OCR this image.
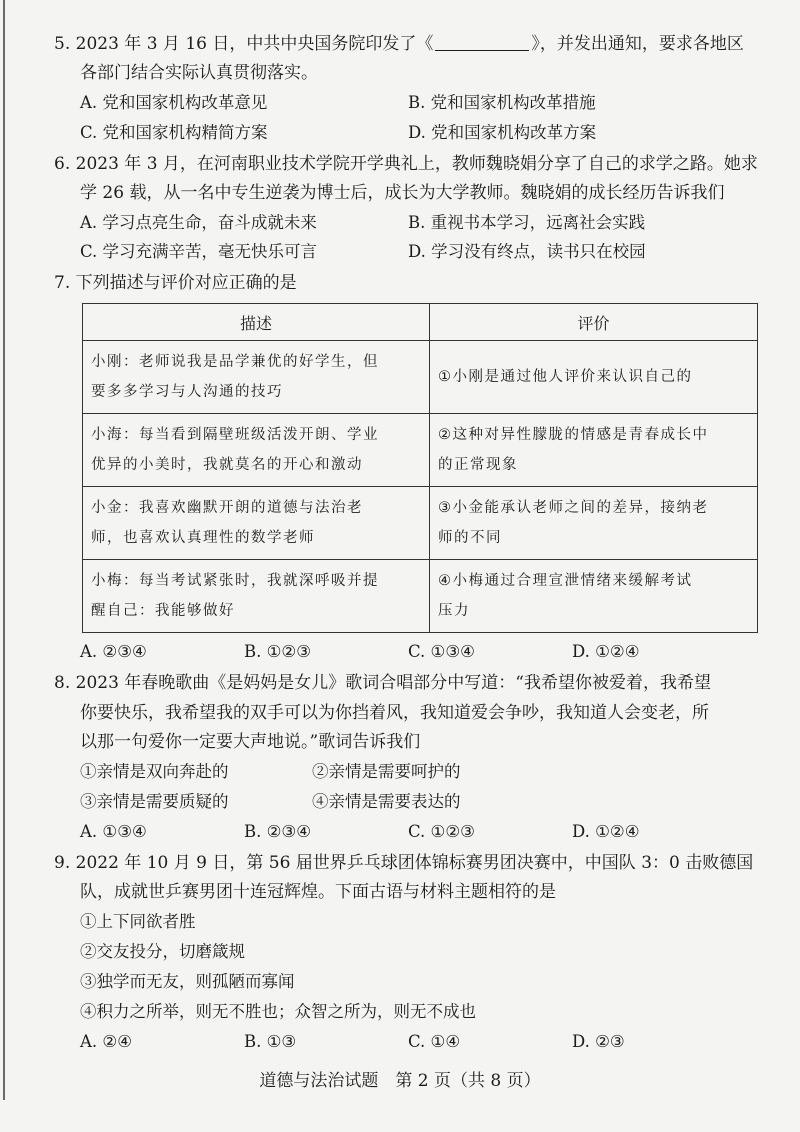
5. 2023 年 3 月 16 日，中共中央国务院印发了《	》，并发出通知，要求各地区
各部门结合实际认真贯彻落实。
A. 党和国家机构改革意见	B. 党和国家机构改革措施
C. 党和国家机构精简方案	D. 党和国家机构改革方案
6. 2023 年 3 月，在河南职业技术学院开学典礼上，教师魏晓娟分享了自己的求学之路。她求
学 26 载，从一名中专生逆袭为博士后，成长为大学教师。魏晓娟的成长经历告诉我们
A. 学习点亮生命，奋斗成就未来	B. 重视书本学习，远离社会实践
C. 学习充满辛苦，毫无快乐可言	D. 学习没有终点，读书只在校园
7. 下列描述与评价对应正确的是
描述	评价
小刚：老师说我是品学兼优的好学生，但
要多多学习与人沟通的技巧	①小刚是通过他人评价来认识自己的
小海：每当看到隔壁班级活泼开朗、学业
优异的小美时，我就莫名的开心和激动	②这种对异性朦胧的情感是青春成长中
的正常现象
小金：我喜欢幽默开朗的道德与法治老
师，也喜欢认真理性的数学老师	③小金能承认老师之间的差异，接纳老
师的不同
小梅：每当考试紧张时，我就深呼吸并提
醒自己：我能够做好	④小梅通过合理宣泄情绪来缓解考试
压力
A. ②③④	B. ①②③	C. ①③④	D. ①②④
8. 2023 年春晚歌曲《是妈妈是女儿》歌词合唱部分中写道：“我希望你被爱着，我希望
你要快乐，我希望我的双手可以为你挡着风，我知道爱会争吵，我知道人会变老，所
以那一句爱你一定要大声地说。”歌词告诉我们
①亲情是双向奔赴的	②亲情是需要呵护的
③亲情是需要质疑的	④亲情是需要表达的
A. ①③④	B. ②③④	C. ①②③	D. ①②④
9. 2022 年 10 月 9 日，第 56 届世界乒乓球团体锦标赛男团决赛中，中国队 3：0 击败德国
队，成就世乒赛男团十连冠辉煌。下面古语与材料主题相符的是
①上下同欲者胜
②交友投分，切磨箴规
③独学而无友，则孤陋而寡闻
④积力之所举，则无不胜也；众智之所为，则无不成也
A. ②④	B. ①③	C. ①④	D. ②③
道德与法治试题　第 2 页（共 8 页）
